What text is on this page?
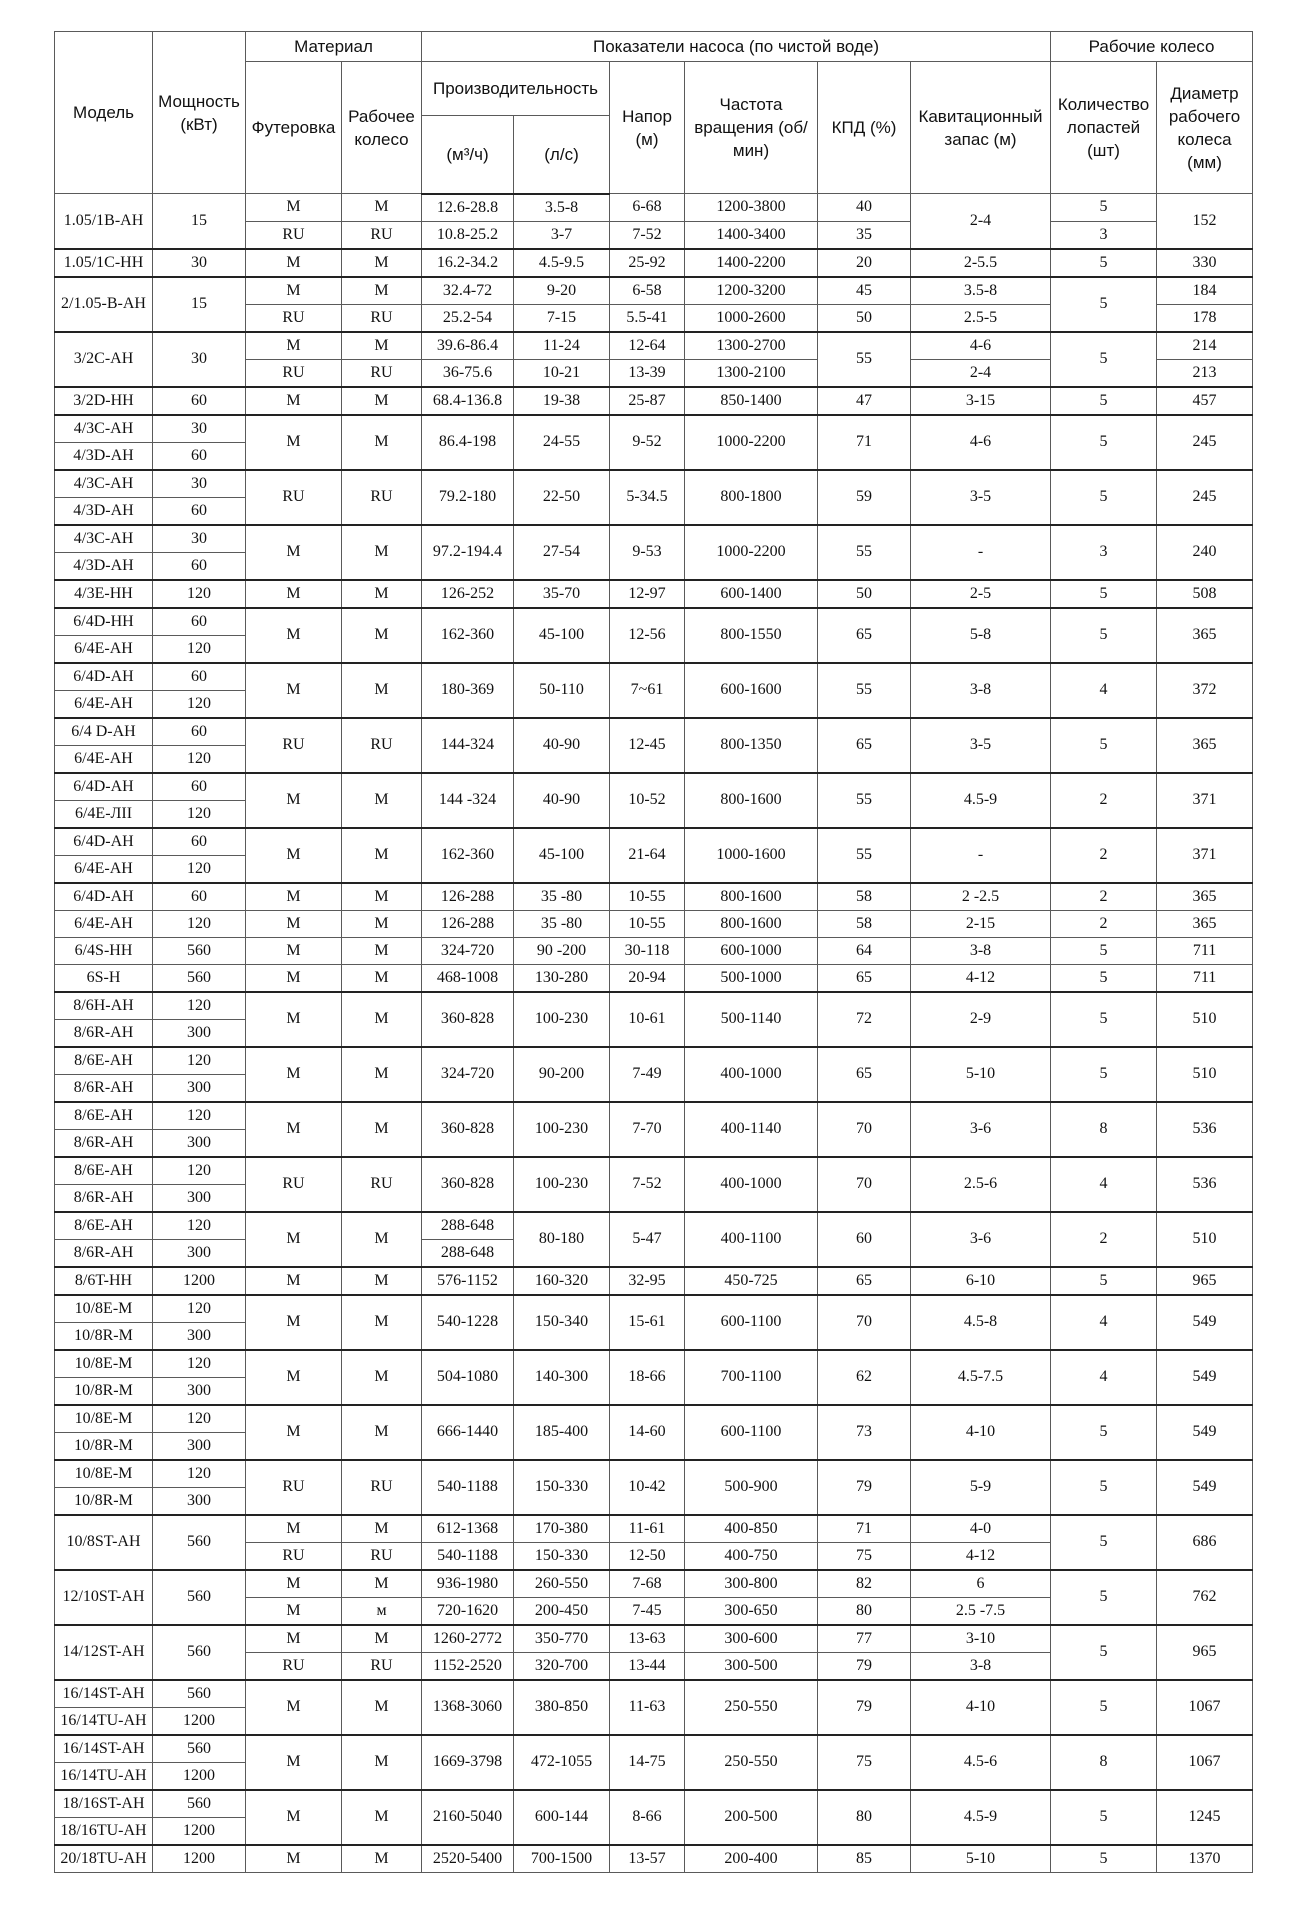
Модель	Мощность (кВт)	Материал		Показатели насоса (по чистой воде)						Рабочие колесо	
		Футеровка	Рабочее колесо	Производительность		Напор (м)	Частота вращения (об/мин)	КПД (%)	Кавитационный запас (м)	Количество лопастей (шт)	Диаметр рабочего колеса (мм)
				(м³/ч)	(л/с)						
1.05/1B-AH	15	M	M	12.6-28.8	3.5-8	6-68	1200-3800	40	2-4	5	152
		RU	RU	10.8-25.2	3-7	7-52	1400-3400	35		3	
1.05/1C-HH	30	M	M	16.2-34.2	4.5-9.5	25-92	1400-2200	20	2-5.5	5	330
2/1.05-B-AH	15	M	M	32.4-72	9-20	6-58	1200-3200	45	3.5-8	5	184
		RU	RU	25.2-54	7-15	5.5-41	1000-2600	50	2.5-5		178
3/2C-AH	30	M	M	39.6-86.4	11-24	12-64	1300-2700	55	4-6	5	214
		RU	RU	36-75.6	10-21	13-39	1300-2100		2-4		213
3/2D-HH	60	M	M	68.4-136.8	19-38	25-87	850-1400	47	3-15	5	457
4/3C-AH	30	M	M	86.4-198	24-55	9-52	1000-2200	71	4-6	5	245
4/3D-AH	60										
4/3C-AH	30	RU	RU	79.2-180	22-50	5-34.5	800-1800	59	3-5	5	245
4/3D-AH	60										
4/3C-AH	30	M	M	97.2-194.4	27-54	9-53	1000-2200	55	-	3	240
4/3D-AH	60										
4/3E-HH	120	M	M	126-252	35-70	12-97	600-1400	50	2-5	5	508
6/4D-HH	60	M	M	162-360	45-100	12-56	800-1550	65	5-8	5	365
6/4E-AH	120										
6/4D-AH	60	M	M	180-369	50-110	7~61	600-1600	55	3-8	4	372
6/4E-AH	120										
6/4 D-AH	60	RU	RU	144-324	40-90	12-45	800-1350	65	3-5	5	365
6/4E-AH	120										
6/4D-AH	60	M	M	144 -324	40-90	10-52	800-1600	55	4.5-9	2	371
6/4E-ЛII	120										
6/4D-AH	60	M	M	162-360	45-100	21-64	1000-1600	55	-	2	371
6/4E-AH	120										
6/4D-AH	60	M	M	126-288	35 -80	10-55	800-1600	58	2 -2.5	2	365
6/4E-AH	120	M	M	126-288	35 -80	10-55	800-1600	58	2-15	2	365
6/4S-HH	560	M	M	324-720	90 -200	30-118	600-1000	64	3-8	5	711
6S-H	560	M	M	468-1008	130-280	20-94	500-1000	65	4-12	5	711
8/6H-AH	120	M	M	360-828	100-230	10-61	500-1140	72	2-9	5	510
8/6R-AH	300										
8/6E-AH	120	M	M	324-720	90-200	7-49	400-1000	65	5-10	5	510
8/6R-AH	300										
8/6E-AH	120	M	M	360-828	100-230	7-70	400-1140	70	3-6	8	536
8/6R-AH	300										
8/6E-AH	120	RU	RU	360-828	100-230	7-52	400-1000	70	2.5-6	4	536
8/6R-AH	300										
8/6E-AH	120	M	M	288-648	80-180	5-47	400-1100	60	3-6	2	510
8/6R-AH	300			288-648							
8/6T-HH	1200	M	M	576-1152	160-320	32-95	450-725	65	6-10	5	965
10/8E-M	120	M	M	540-1228	150-340	15-61	600-1100	70	4.5-8	4	549
10/8R-M	300										
10/8E-M	120	M	M	504-1080	140-300	18-66	700-1100	62	4.5-7.5	4	549
10/8R-M	300										
10/8E-M	120	M	M	666-1440	185-400	14-60	600-1100	73	4-10	5	549
10/8R-M	300										
10/8E-M	120	RU	RU	540-1188	150-330	10-42	500-900	79	5-9	5	549
10/8R-M	300										
10/8ST-AH	560	M	M	612-1368	170-380	11-61	400-850	71	4-0	5	686
		RU	RU	540-1188	150-330	12-50	400-750	75	4-12		
12/10ST-AH	560	M	M	936-1980	260-550	7-68	300-800	82	6	5	762
		M	м	720-1620	200-450	7-45	300-650	80	2.5 -7.5		
14/12ST-AH	560	M	M	1260-2772	350-770	13-63	300-600	77	3-10	5	965
		RU	RU	1152-2520	320-700	13-44	300-500	79	3-8		
16/14ST-AH	560	M	M	1368-3060	380-850	11-63	250-550	79	4-10	5	1067
16/14TU-AH	1200										
16/14ST-AH	560	M	M	1669-3798	472-1055	14-75	250-550	75	4.5-6	8	1067
16/14TU-AH	1200										
18/16ST-AH	560	M	M	2160-5040	600-144	8-66	200-500	80	4.5-9	5	1245
18/16TU-AH	1200										
20/18TU-AH	1200	M	M	2520-5400	700-1500	13-57	200-400	85	5-10	5	1370
